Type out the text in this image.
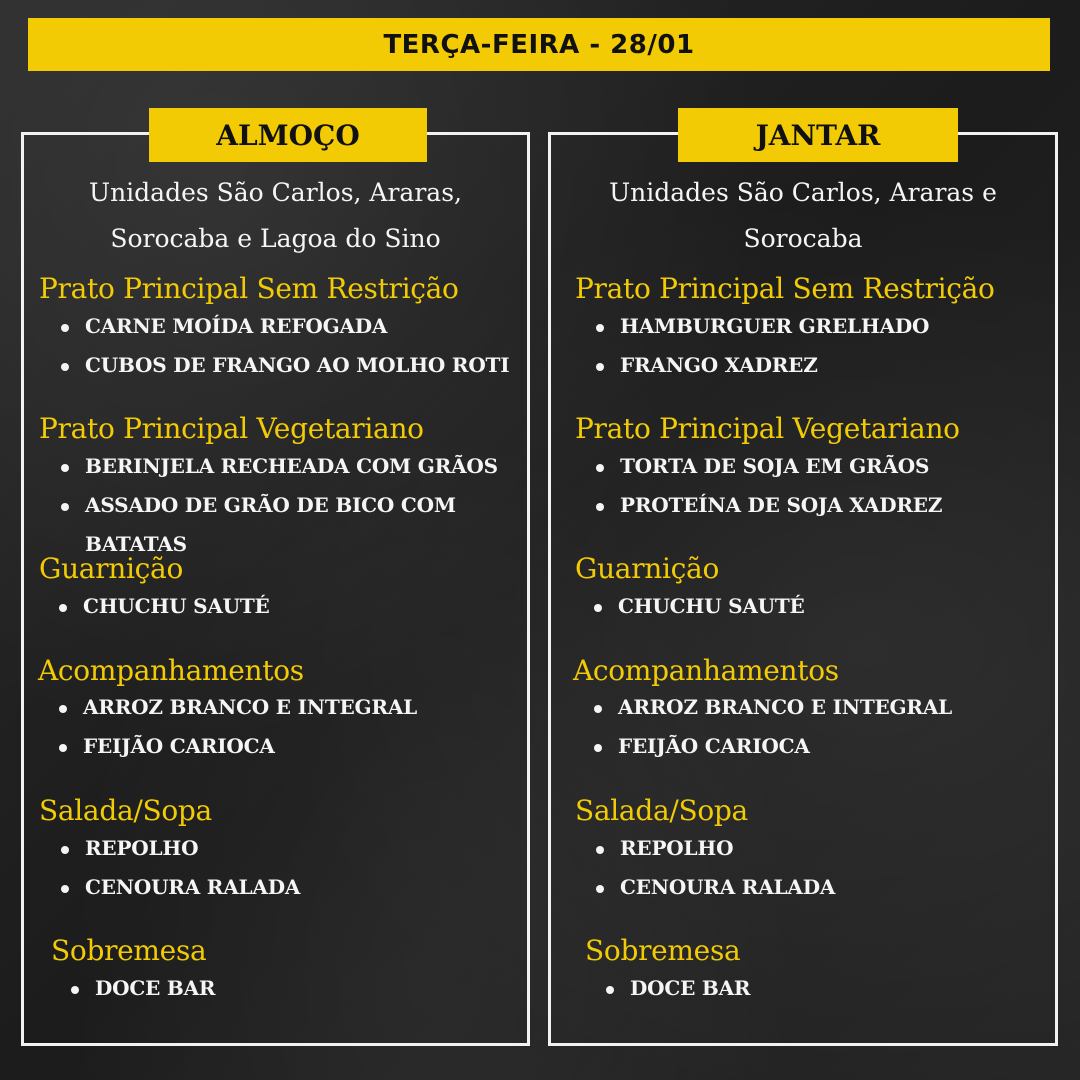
TERÇA-FEIRA - 28/01
ALMOÇO
Unidades São Carlos, Araras,
Sorocaba e Lagoa do Sino
Prato Principal Sem Restrição
CARNE MOÍDA REFOGADA
CUBOS DE FRANGO AO MOLHO ROTI
Prato Principal Vegetariano
BERINJELA RECHEADA COM GRÃOS
ASSADO DE GRÃO DE BICO COM BATATAS
Guarnição
CHUCHU SAUTÉ
Acompanhamentos
ARROZ BRANCO E INTEGRAL
FEIJÃO CARIOCA
Salada/Sopa
REPOLHO
CENOURA RALADA
Sobremesa
DOCE BAR
JANTAR
Unidades São Carlos, Araras e
Sorocaba
Prato Principal Sem Restrição
HAMBURGUER GRELHADO
FRANGO XADREZ
Prato Principal Vegetariano
TORTA DE SOJA EM GRÃOS
PROTEÍNA DE SOJA XADREZ
Guarnição
CHUCHU SAUTÉ
Acompanhamentos
ARROZ BRANCO E INTEGRAL
FEIJÃO CARIOCA
Salada/Sopa
REPOLHO
CENOURA RALADA
Sobremesa
DOCE BAR
